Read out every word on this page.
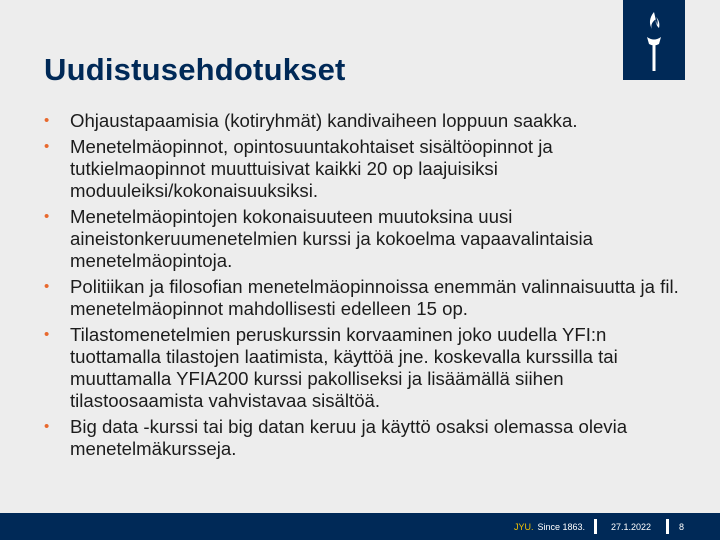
Uudistusehdotukset
•	Ohjaustapaamisia (kotiryhmät) kandivaiheen loppuun saakka.
•	Menetelmäopinnot, opintosuuntakohtaiset sisältöopinnot ja tutkielmaopinnot muuttuisivat kaikki 20 op laajuisiksi moduuleiksi/kokonaisuuksiksi.
•	Menetelmäopintojen kokonaisuuteen muutoksina uusi aineistonkeruumenetelmien kurssi ja kokoelma vapaavalintaisia menetelmäopintoja.
•	Politiikan ja filosofian menetelmäopinnoissa enemmän valinnaisuutta ja fil. menetelmäopinnot mahdollisesti edelleen 15 op.
•	Tilastomenetelmien peruskurssin korvaaminen joko uudella YFI:n tuottamalla tilastojen laatimista, käyttöä jne. koskevalla kurssilla tai muuttamalla YFIA200 kurssi pakolliseksi ja lisäämällä siihen tilastoosaamista vahvistavaa sisältöä.
•	Big data -kurssi tai big datan keruu ja käyttö osaksi olemassa olevia menetelmäkursseja.
JYU. Since 1863.	27.1.2022	8
